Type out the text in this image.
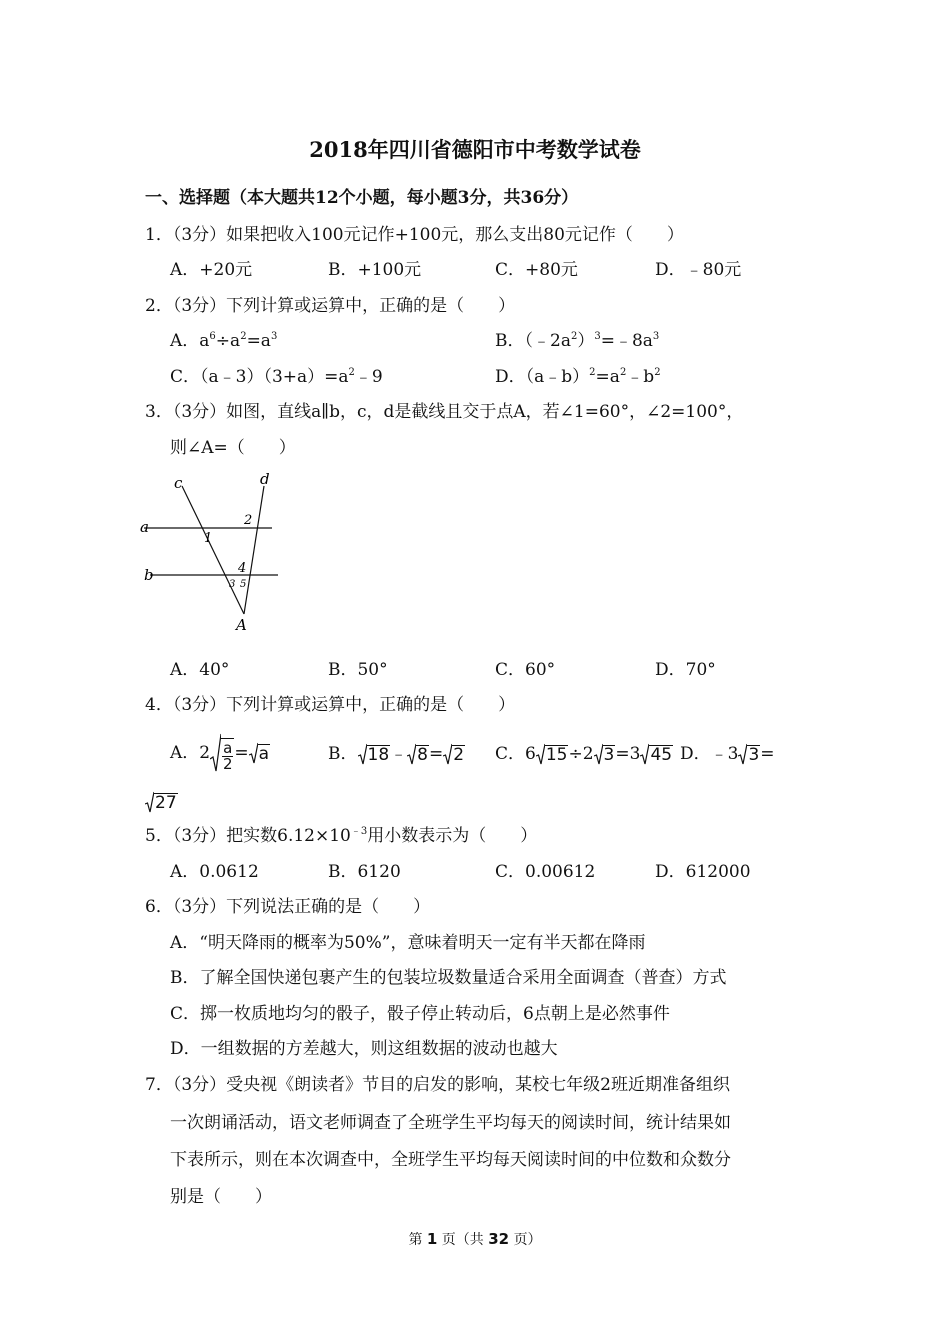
2018年四川省德阳市中考数学试卷
一、选择题（本大题共12个小题，每小题3分，共36分）
1．（3分）如果把收入100元记作+100元，那么支出80元记作（　　）
A．+20元	B．+100元	C．+80元	D．﹣80元
2．（3分）下列计算或运算中，正确的是（　　）
A．$a^6\div a^2=a^3$	B．$(﹣2a^2)^3=﹣8a^3$
C．$(a﹣3)(3+a)=a^2﹣9$	D．$(a﹣b)^2=a^2﹣b^2$
3．（3分）如图，直线a∥b，c，d是截线且交于点A，若∠1=60°，∠2=100°，
则∠A=（　　）
c	d
a
b
1
2
3
4
5
A
A．40°	B．50°	C．60°	D．70°
4．（3分）下列计算或运算中，正确的是（　　）
A． $2 \frac{a}{2} = a$	B． 18 ﹣ 8 = 2 C． 6 15 ÷2 3 =3 45 D． ﹣3 3 =
27
5．（3分）把实数$6.12\times 10^{﹣3}$用小数表示为（　　）
A．0.0612	B．6120	C．0.00612	D．612000
6．（3分）下列说法正确的是（　　）
A．“明天降雨的概率为50%”，意味着明天一定有半天都在降雨
B．了解全国快递包裹产生的包装垃圾数量适合采用全面调查（普查）方式
C．掷一枚质地均匀的骰子，骰子停止转动后，6点朝上是必然事件
D．一组数据的方差越大，则这组数据的波动也越大
7．（3分）受央视《朗读者》节目的启发的影响，某校七年级2班近期准备组织
一次朗诵活动，语文老师调查了全班学生平均每天的阅读时间，统计结果如
下表所示，则在本次调查中，全班学生平均每天阅读时间的中位数和众数分
别是（　　）
第 1 页（共 32 页）
